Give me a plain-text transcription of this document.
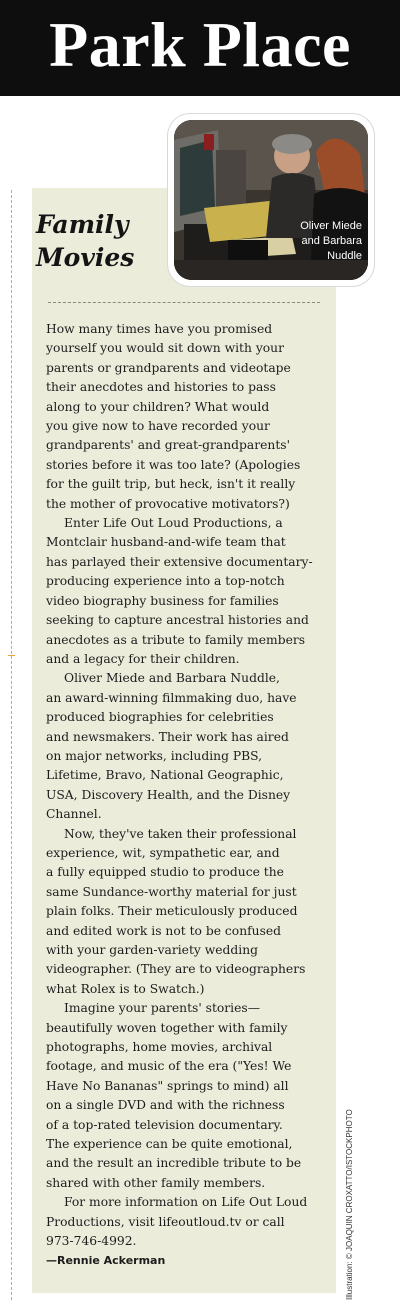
Park Place
Family Movies
Oliver Miede
and Barbara
Nuddle

How many times have you promised
yourself you would sit down with your
parents or grandparents and videotape
their anecdotes and histories to pass
along to your children? What would
you give now to have recorded your
grandparents' and great-grandparents'
stories before it was too late? (Apologies
for the guilt trip, but heck, isn't it really
the mother of provocative motivators?)

Enter Life Out Loud Productions, a
Montclair husband-and-wife team that
has parlayed their extensive documentary-
producing experience into a top-notch
video biography business for families
seeking to capture ancestral histories and
anecdotes as a tribute to family members
and a legacy for their children.

Oliver Miede and Barbara Nuddle,
an award-winning filmmaking duo, have
produced biographies for celebrities
and newsmakers. Their work has aired
on major networks, including PBS,
Lifetime, Bravo, National Geographic,
USA, Discovery Health, and the Disney
Channel.

Now, they've taken their professional
experience, wit, sympathetic ear, and
a fully equipped studio to produce the
same Sundance-worthy material for just
plain folks. Their meticulously produced
and edited work is not to be confused
with your garden-variety wedding
videographer. (They are to videographers
what Rolex is to Swatch.)

Imagine your parents' stories—
beautifully woven together with family
photographs, home movies, archival
footage, and music of the era ("Yes! We
Have No Bananas" springs to mind) all
on a single DVD and with the richness
of a top-rated television documentary.
The experience can be quite emotional,
and the result an incredible tribute to be
shared with other family members.

For more information on Life Out Loud
Productions, visit lifeoutloud.tv or call
973-746-4992.

—Rennie Ackerman	Illustration: © JOAQUIN CROXATTO/ISTOCKPHOTO
